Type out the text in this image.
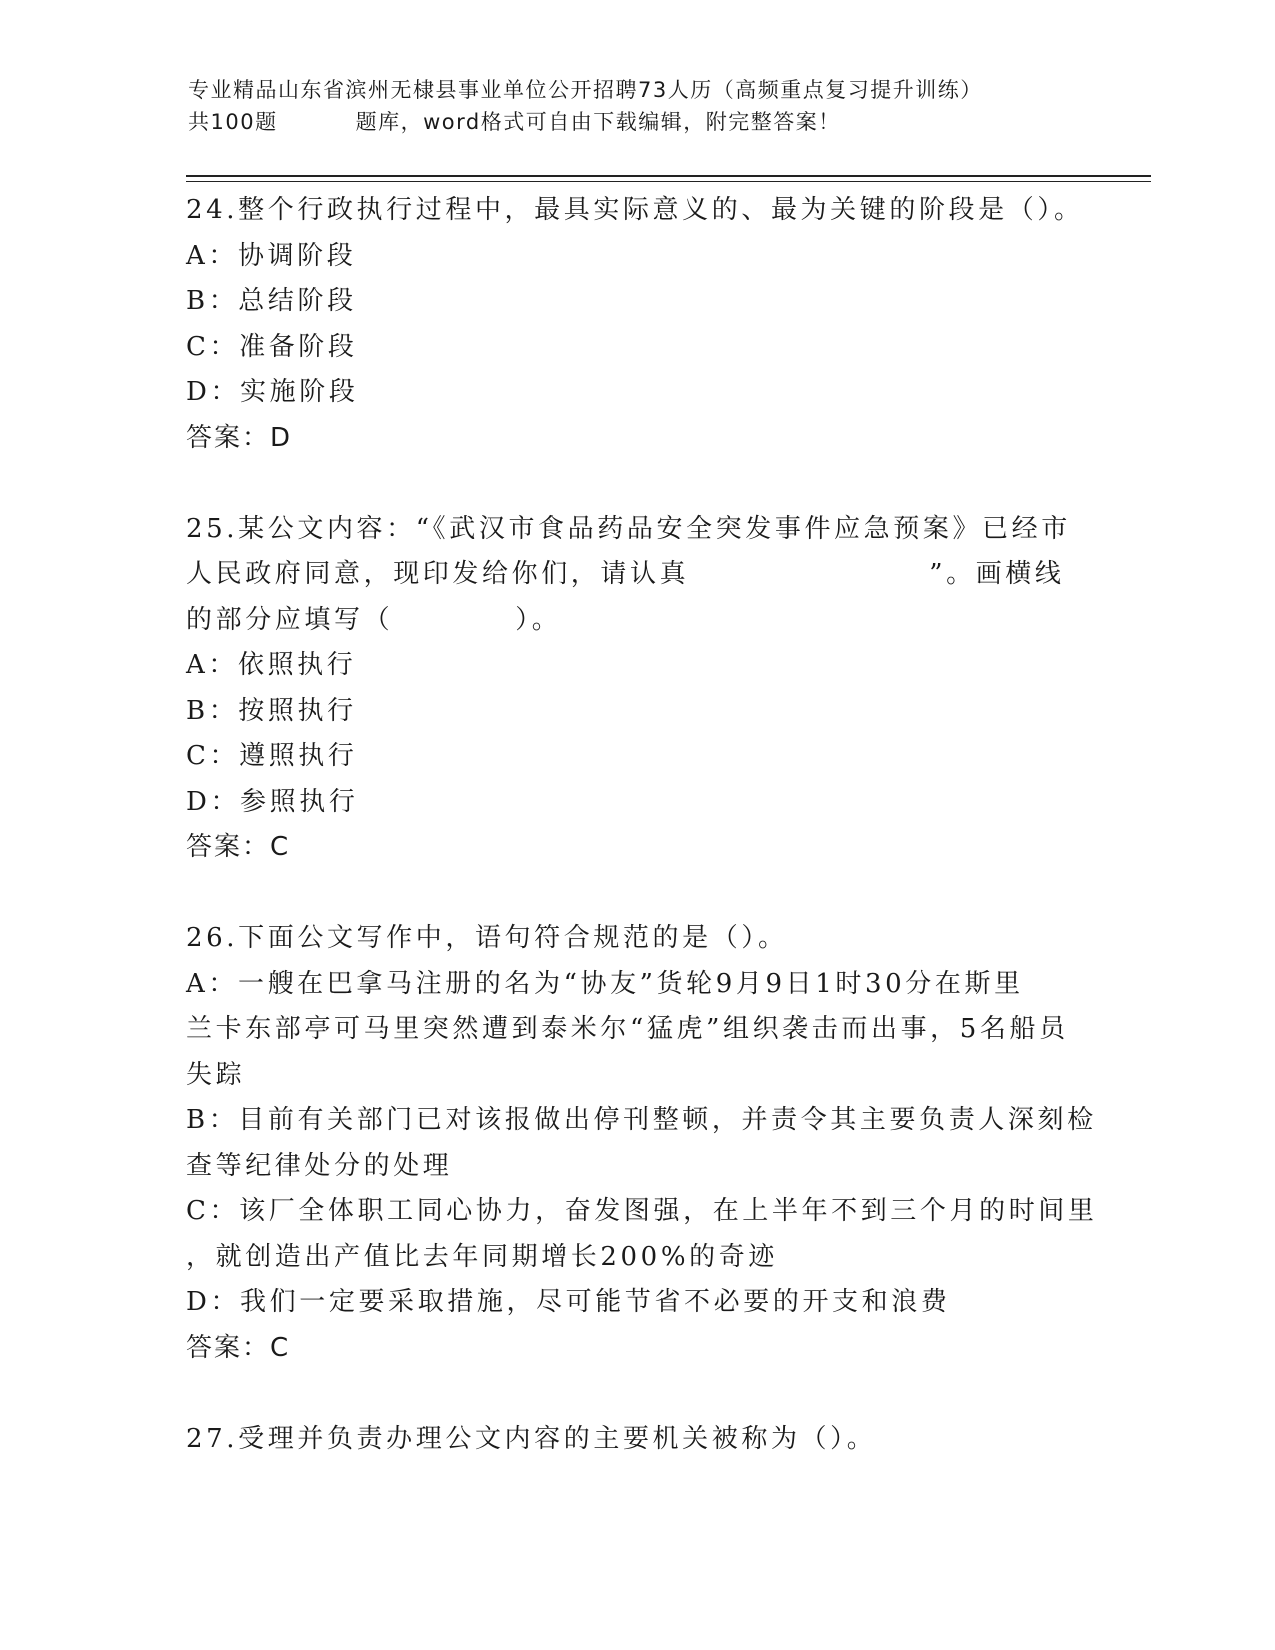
专业精品山东省滨州无棣县事业单位公开招聘73人历（高频重点复习提升训练）
共100题	题库，word格式可自由下载编辑，附完整答案！
24.整个行政执行过程中，最具实际意义的、最为关键的阶段是（）。
A：协调阶段
B：总结阶段
C：准备阶段
D：实施阶段
答案：D
25.某公文内容：“《武汉市食品药品安全突发事件应急预案》已经市
人民政府同意，现印发给你们，请认真	”。画横线
的部分应填写（	）。
A：依照执行
B：按照执行
C：遵照执行
D：参照执行
答案：C
26.下面公文写作中，语句符合规范的是（）。
A：一艘在巴拿马注册的名为“协友”货轮9月9日1时30分在斯里
兰卡东部亭可马里突然遭到泰米尔“猛虎”组织袭击而出事，5名船员
失踪
B：目前有关部门已对该报做出停刊整顿，并责令其主要负责人深刻检
查等纪律处分的处理
C：该厂全体职工同心协力，奋发图强，在上半年不到三个月的时间里
，就创造出产值比去年同期增长200%的奇迹
D：我们一定要采取措施，尽可能节省不必要的开支和浪费
答案：C
27.受理并负责办理公文内容的主要机关被称为（）。
